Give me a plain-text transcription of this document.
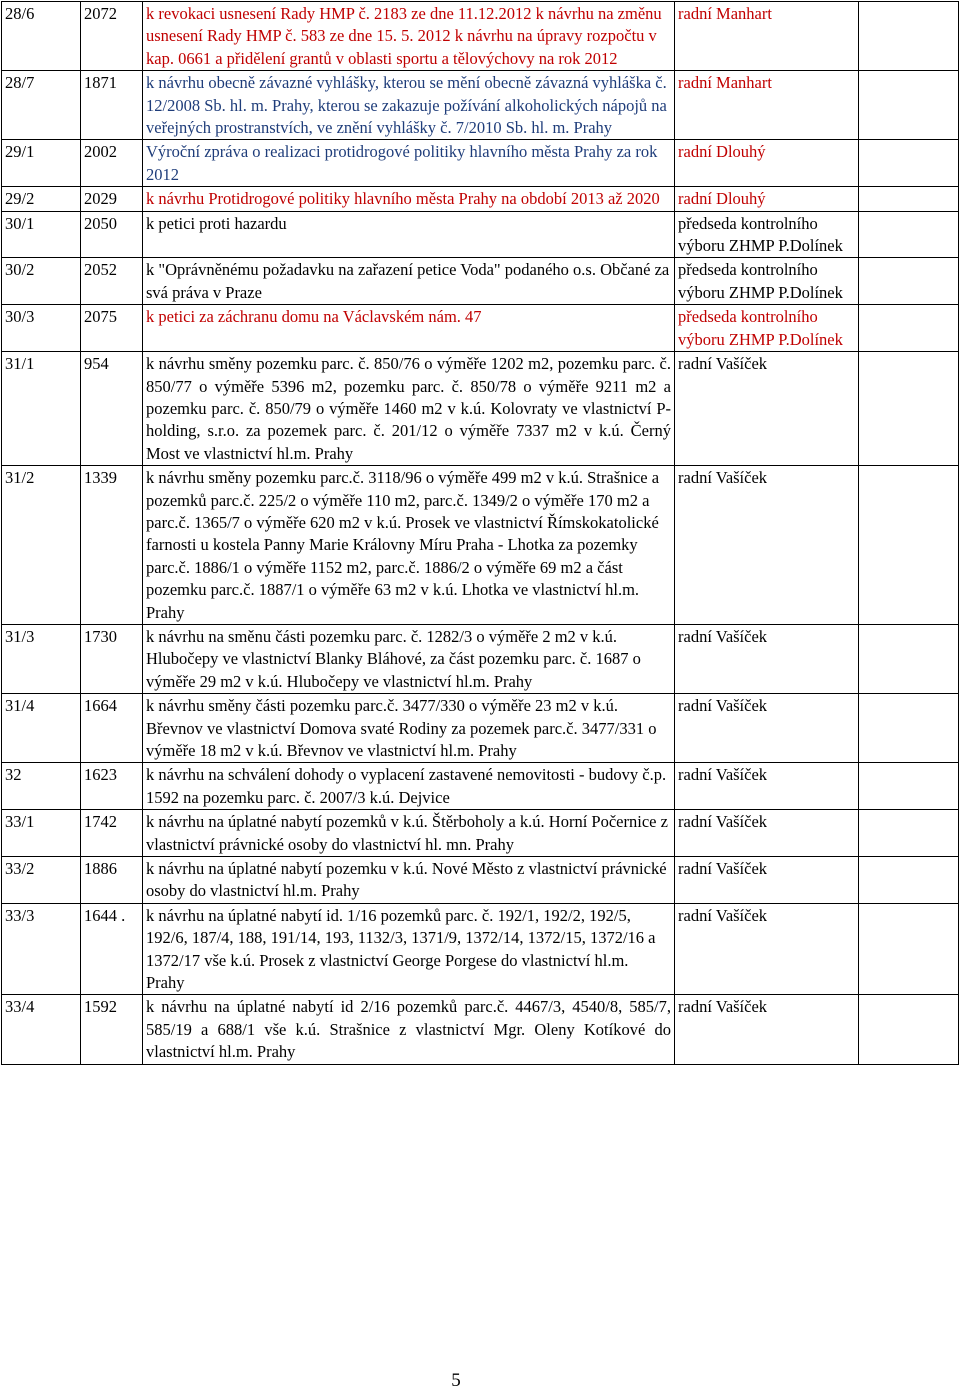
28/6	2072	k revokaci usnesení Rady HMP č. 2183 ze dne 11.12.2012 k návrhu na změnu usnesení Rady HMP č. 583 ze dne 15. 5. 2012 k návrhu na úpravy rozpočtu v kap. 0661 a přidělení grantů v oblasti sportu a tělovýchovy na rok 2012	radní Manhart	
28/7	1871	k návrhu obecně závazné vyhlášky, kterou se mění obecně závazná vyhláška č. 12/2008 Sb. hl. m. Prahy, kterou se zakazuje požívání alkoholických nápojů na veřejných prostranstvích, ve znění vyhlášky č. 7/2010 Sb. hl. m. Prahy	radní Manhart	
29/1	2002	Výroční zpráva o realizaci protidrogové politiky hlavního města Prahy za rok 2012	radní Dlouhý	
29/2	2029	k návrhu Protidrogové politiky hlavního města Prahy na období 2013 až 2020	radní Dlouhý	
30/1	2050	k petici proti hazardu	předseda kontrolního výboru ZHMP P.Dolínek	
30/2	2052	k "Oprávněnému požadavku na zařazení petice Voda" podaného o.s. Občané za svá práva v Praze	předseda kontrolního výboru ZHMP P.Dolínek	
30/3	2075	k petici za záchranu domu na Václavském nám. 47	předseda kontrolního výboru ZHMP P.Dolínek	
31/1	954	k návrhu směny pozemku parc. č. 850/76 o výměře 1202 m2, pozemku parc. č. 850/77 o výměře 5396 m2, pozemku parc. č. 850/78 o výměře 9211 m2 a pozemku parc. č. 850/79 o výměře 1460 m2 v k.ú. Kolovraty ve vlastnictví P-holding, s.r.o. za pozemek parc. č. 201/12 o výměře 7337 m2 v k.ú. Černý Most ve vlastnictví hl.m. Prahy	radní Vašíček	
31/2	1339	k návrhu směny pozemku parc.č. 3118/96 o výměře 499 m2 v k.ú. Strašnice a pozemků parc.č. 225/2 o výměře 110 m2, parc.č. 1349/2 o výměře 170 m2 a parc.č. 1365/7 o výměře 620 m2 v k.ú. Prosek ve vlastnictví Římskokatolické farnosti u kostela Panny Marie Královny Míru Praha - Lhotka za pozemky parc.č. 1886/1 o výměře 1152 m2, parc.č. 1886/2 o výměře 69 m2 a část pozemku parc.č. 1887/1 o výměře 63 m2 v k.ú. Lhotka ve vlastnictví hl.m. Prahy	radní Vašíček	
31/3	1730	k návrhu na směnu části pozemku parc. č. 1282/3 o výměře 2 m2 v k.ú. Hlubočepy ve vlastnictví Blanky Bláhové, za část pozemku parc. č. 1687 o výměře 29 m2 v k.ú. Hlubočepy ve vlastnictví hl.m. Prahy	radní Vašíček	
31/4	1664	k návrhu směny části pozemku parc.č. 3477/330 o výměře 23 m2 v k.ú. Břevnov ve vlastnictví Domova svaté Rodiny za pozemek parc.č. 3477/331 o výměře 18 m2 v k.ú. Břevnov ve vlastnictví hl.m. Prahy	radní Vašíček	
32	1623	k návrhu na schválení dohody o vyplacení zastavené nemovitosti - budovy č.p. 1592 na pozemku parc. č. 2007/3 k.ú. Dejvice	radní Vašíček	
33/1	1742	k návrhu na úplatné nabytí pozemků v k.ú. Štěrboholy a k.ú. Horní Počernice z vlastnictví právnické osoby do vlastnictví hl. mn. Prahy	radní Vašíček	
33/2	1886	k návrhu na úplatné nabytí pozemku v k.ú. Nové Město z vlastnictví právnické osoby do vlastnictví hl.m. Prahy	radní Vašíček	
33/3	1644 .	k návrhu na úplatné nabytí id. 1/16 pozemků parc. č. 192/1, 192/2, 192/5, 192/6, 187/4, 188, 191/14, 193, 1132/3, 1371/9, 1372/14, 1372/15, 1372/16 a 1372/17 vše k.ú. Prosek z vlastnictví George Porgese do vlastnictví hl.m. Prahy	radní Vašíček	
33/4	1592	k návrhu na úplatné nabytí id 2/16 pozemků parc.č. 4467/3, 4540/8, 585/7, 585/19 a 688/1 vše k.ú. Strašnice z vlastnictví Mgr. Oleny Kotíkové do vlastnictví hl.m. Prahy	radní Vašíček	
5
